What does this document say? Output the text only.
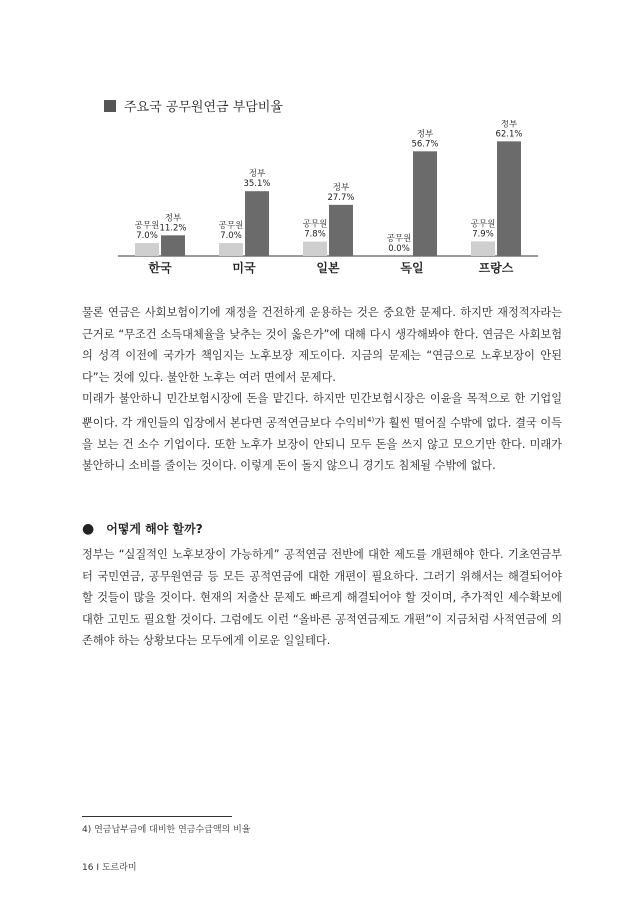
주요국 공무원연금 부담비율
공무원
7.0%
정부
11.2%
한국
공무원
7.0%
정부
35.1%
미국
공무원
7.8%
정부
27.7%
일본
공무원
0.0%
정부
56.7%
독일
공무원
7.9%
정부
62.1%
프랑스

물론 연금은 사회보험이기에 재정을 건전하게 운용하는 것은 중요한 문제다. 하지만 재정적자라는 근거로 “무조건 소득대체율을 낮추는 것이 옳은가”에 대해 다시 생각해봐야 한다. 연금은 사회보험의 성격 이전에 국가가 책임지는 노후보장 제도이다. 지금의 문제는 “연금으로 노후보장이 안된다”는 것에 있다. 불안한 노후는 여러 면에서 문제다.

미래가 불안하니 민간보험시장에 돈을 맡긴다. 하지만 민간보험시장은 이윤을 목적으로 한 기업일 뿐이다. 각 개인들의 입장에서 본다면 공적연금보다 수익비$^{4)}$가 훨씬 떨어질 수밖에 없다. 결국 이득을 보는 건 소수 기업이다. 또한 노후가 보장이 안되니 모두 돈을 쓰지 않고 모으기만 한다. 미래가 불안하니 소비를 줄이는 것이다. 이렇게 돈이 돌지 않으니 경기도 침체될 수밖에 없다.

● 어떻게 해야 할까?

정부는 “실질적인 노후보장이 가능하게” 공적연금 전반에 대한 제도를 개편해야 한다. 기초연금부터 국민연금, 공무원연금 등 모든 공적연금에 대한 개편이 필요하다. 그러기 위해서는 해결되어야 할 것들이 많을 것이다. 현재의 저출산 문제도 빠르게 해결되어야 할 것이며, 추가적인 세수확보에 대한 고민도 필요할 것이다. 그럼에도 이런 “올바른 공적연금제도 개편”이 지금처럼 사적연금에 의존해야 하는 상황보다는 모두에게 이로운 일일테다.

4) 연금납부금에 대비한 연금수급액의 비율
16 I 도르라미
